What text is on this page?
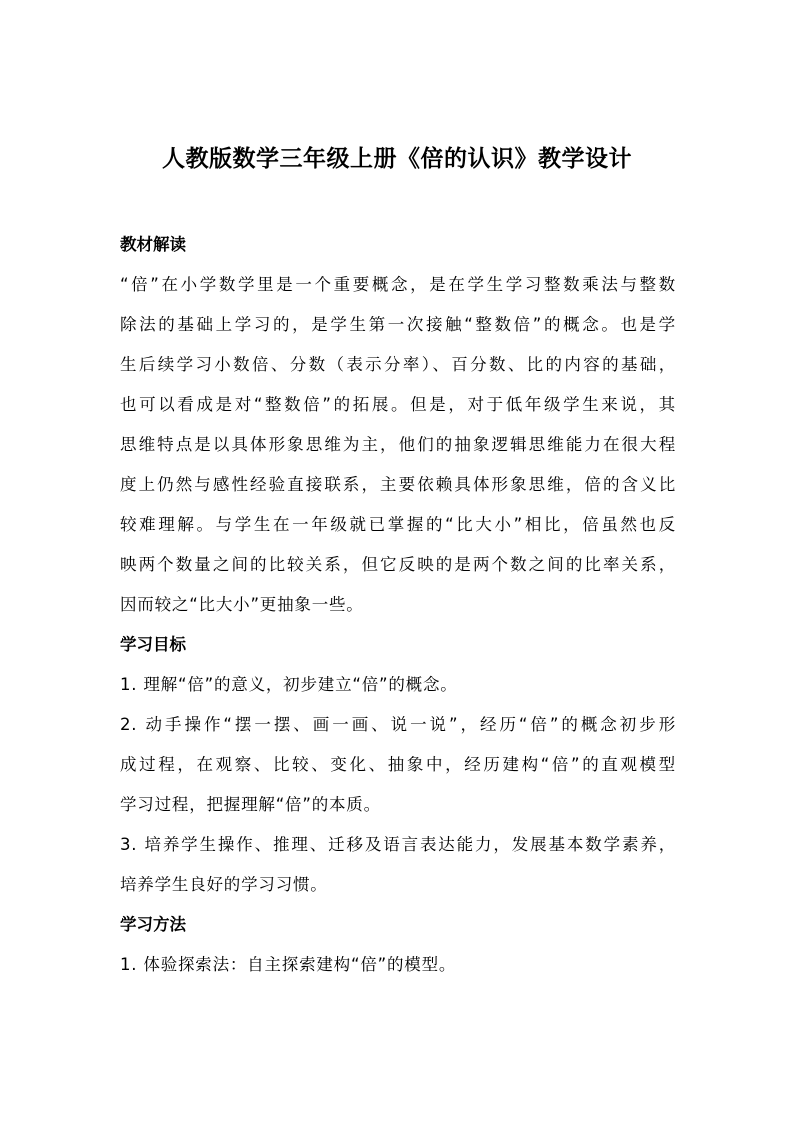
人教版数学三年级上册《倍的认识》教学设计
教材解读
“倍”在小学数学里是一个重要概念，是在学生学习整数乘法与整数
除法的基础上学习的，是学生第一次接触“整数倍”的概念。也是学
生后续学习小数倍、分数（表示分率）、百分数、比的内容的基础，
也可以看成是对“整数倍”的拓展。但是，对于低年级学生来说，其
思维特点是以具体形象思维为主，他们的抽象逻辑思维能力在很大程
度上仍然与感性经验直接联系，主要依赖具体形象思维，倍的含义比
较难理解。与学生在一年级就已掌握的“比大小”相比，倍虽然也反
映两个数量之间的比较关系，但它反映的是两个数之间的比率关系，
因而较之“比大小”更抽象一些。
学习目标
1. 理解“倍”的意义，初步建立“倍”的概念。
2. 动手操作“摆一摆、画一画、说一说”，经历“倍”的概念初步形
成过程，在观察、比较、变化、抽象中，经历建构“倍”的直观模型
学习过程，把握理解“倍”的本质。
3. 培养学生操作、推理、迁移及语言表达能力，发展基本数学素养，
培养学生良好的学习习惯。
学习方法
1. 体验探索法：自主探索建构“倍”的模型。
